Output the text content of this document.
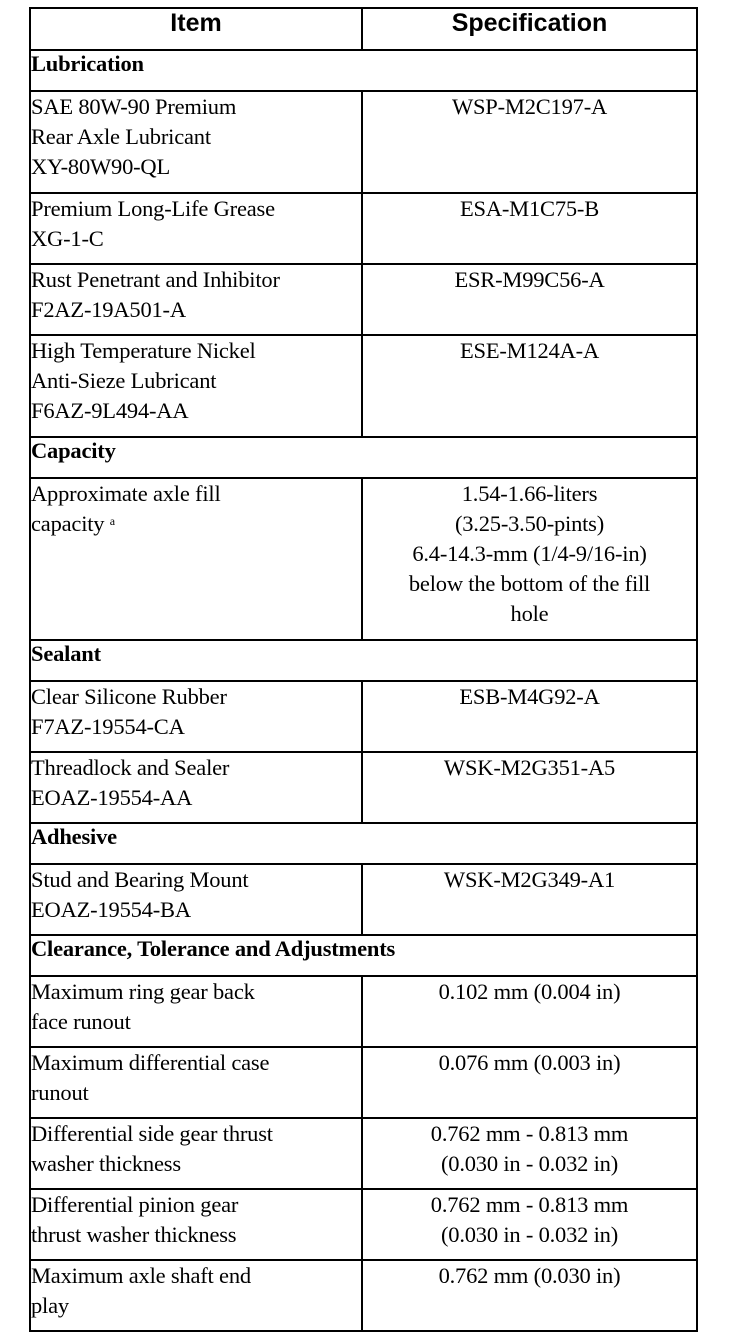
Item	Specification
Lubrication	

SAE 80W-90 Premium
Rear Axle Lubricant
XY-80W90-QL	WSP-M2C197-A

Premium Long-Life Grease
XG-1-C	ESA-M1C75-B

Rust Penetrant and Inhibitor
F2AZ-19A501-A	ESR-M99C56-A

High Temperature Nickel
Anti-Sieze Lubricant
F6AZ-9L494-AA	ESE-M124A-A

Capacity	

Approximate axle fill
capacity $^a$	1.54-1.66-liters
(3.25-3.50-pints)
6.4-14.3-mm (1/4-9/16-in)
below the bottom of the fill
hole

Sealant	

Clear Silicone Rubber
F7AZ-19554-CA	ESB-M4G92-A

Threadlock and Sealer
EOAZ-19554-AA	WSK-M2G351-A5

Adhesive	

Stud and Bearing Mount
EOAZ-19554-BA	WSK-M2G349-A1

Clearance, Tolerance and Adjustments	

Maximum ring gear back
face runout	0.102 mm (0.004 in)

Maximum differential case
runout	0.076 mm (0.003 in)

Differential side gear thrust
washer thickness	0.762 mm - 0.813 mm
(0.030 in - 0.032 in)

Differential pinion gear
thrust washer thickness	0.762 mm - 0.813 mm
(0.030 in - 0.032 in)

Maximum axle shaft end
play	0.762 mm (0.030 in)
